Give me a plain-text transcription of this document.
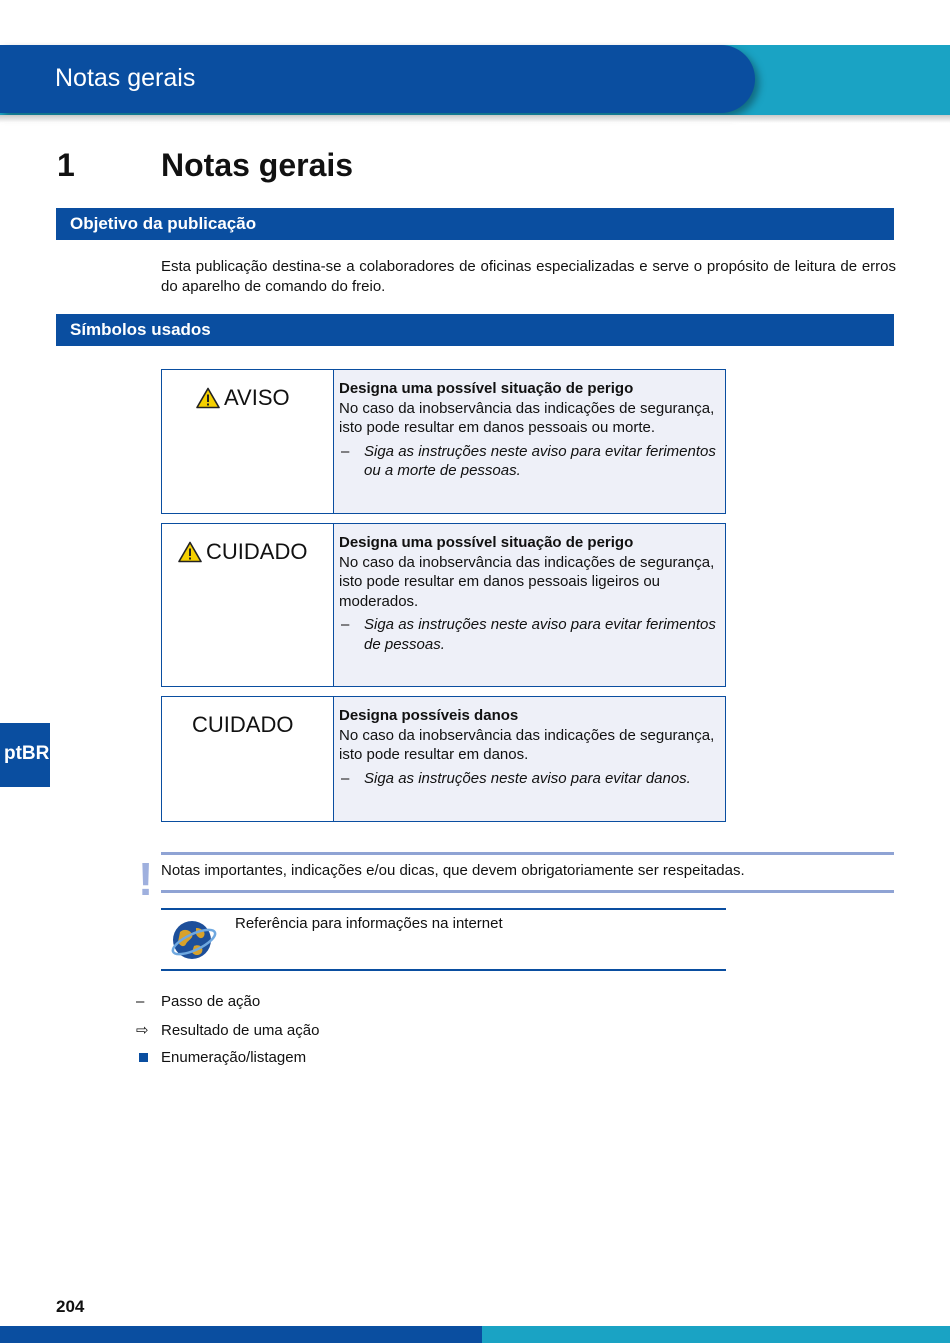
Notas gerais
1	Notas gerais
Objetivo da publicação
Esta publicação destina-se a colaboradores de oficinas especializadas e serve o propósito de leitura de erros do aparelho de comando do freio.
Símbolos usados
AVISO	Designa uma possível situação de perigo
No caso da inobservância das indicações de segurança, isto pode resultar em danos pessoais ou morte.
– Siga as instruções neste aviso para evitar ferimentos ou a morte de pessoas.
CUIDADO Designa uma possível situação de perigo
No caso da inobservância das indicações de segurança, isto pode resultar em danos pessoais ligeiros ou moderados.
– Siga as instruções neste aviso para evitar ferimentos de pessoas.
CUIDADO	Designa possíveis danos
No caso da inobservância das indicações de segurança, isto pode resultar em danos.
– Siga as instruções neste aviso para evitar danos.
ptBR
! Notas importantes, indicações e/ou dicas, que devem obrigatoriamente ser respeitadas.
Referência para informações na internet
–	Passo de ação
⇨ Resultado de uma ação
Enumeração/listagem
204
